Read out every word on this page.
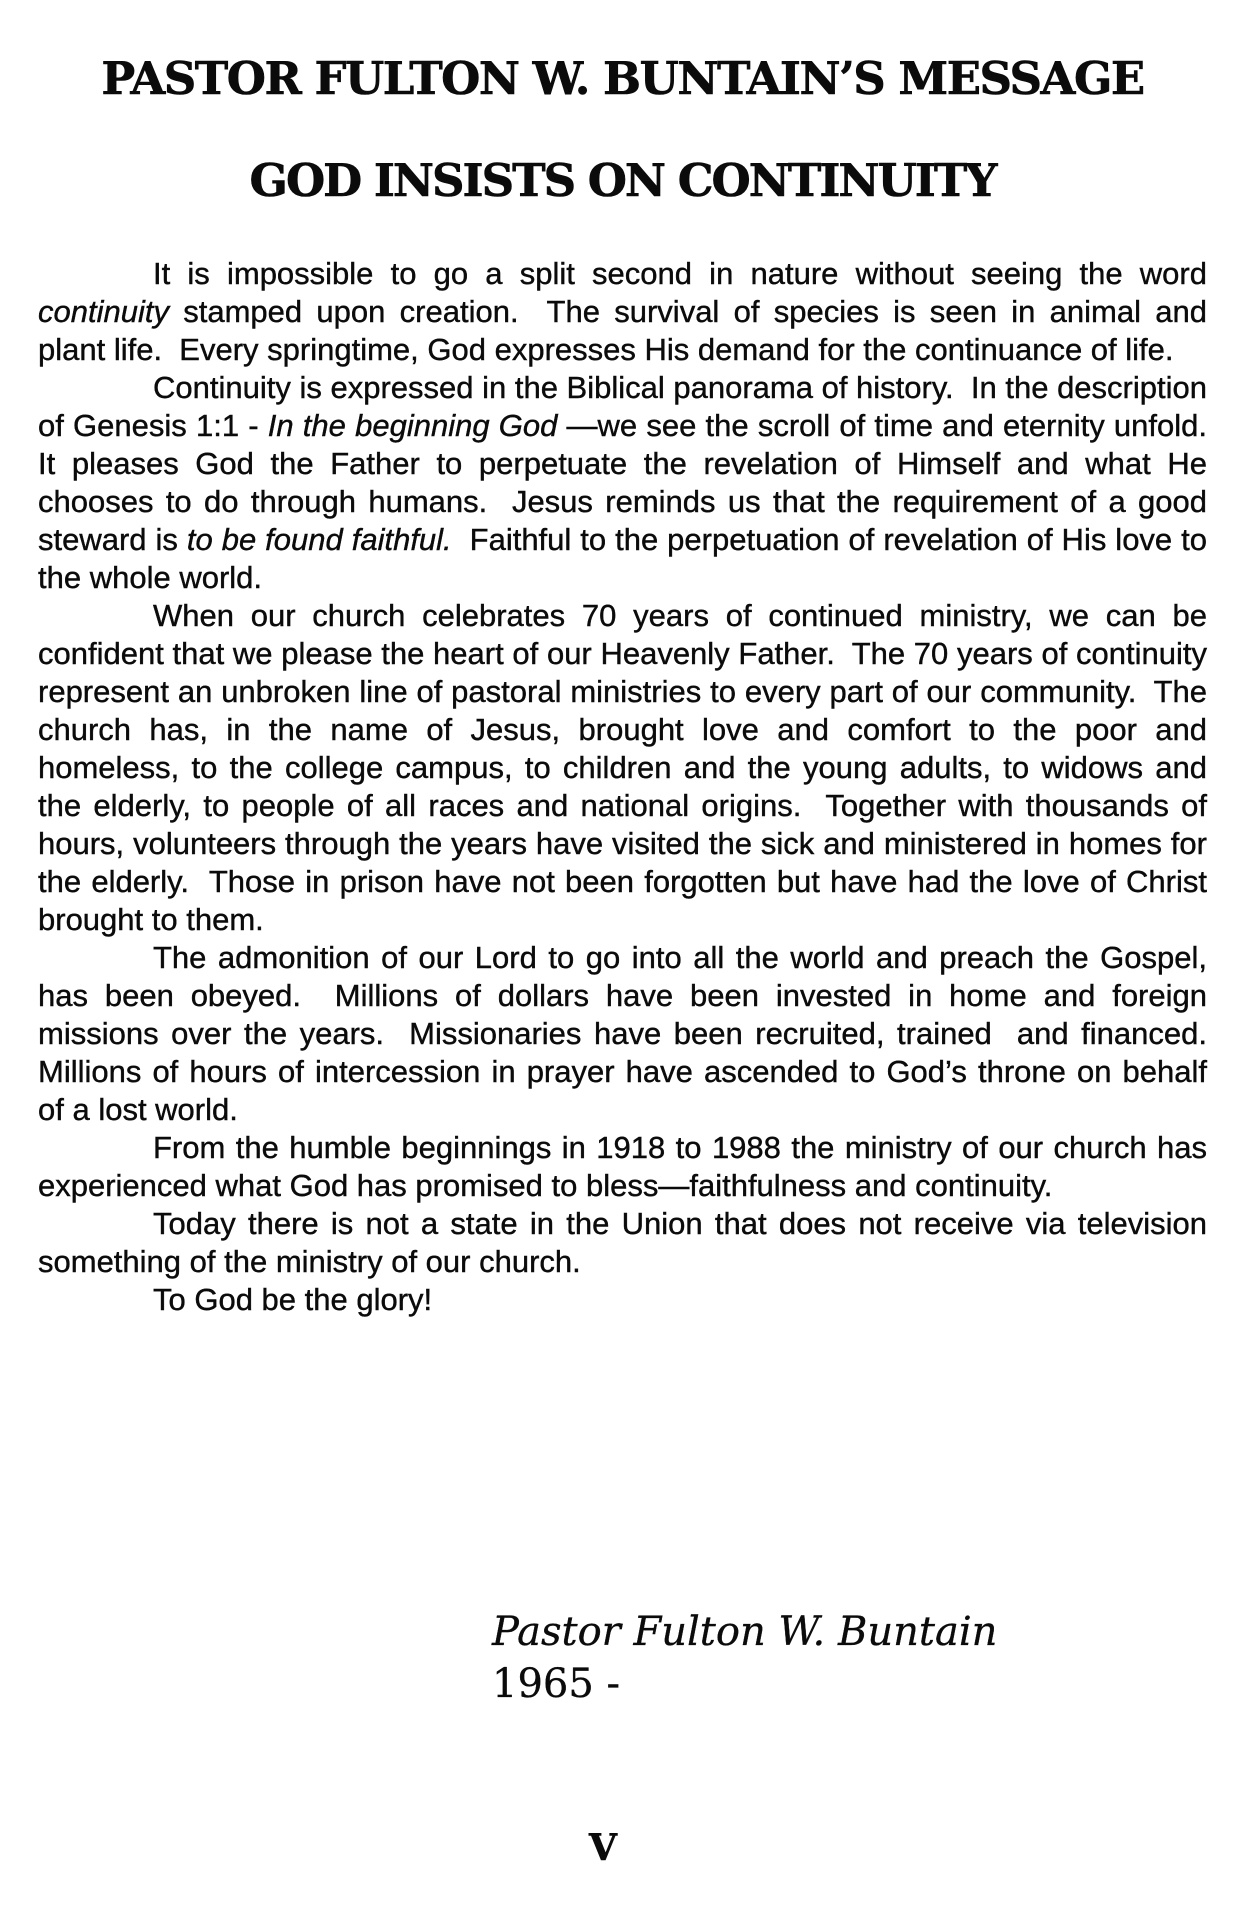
PASTOR FULTON W. BUNTAIN’S MESSAGE
GOD INSISTS ON CONTINUITY

It is impossible to go a split second in nature without seeing the word continuity stamped upon creation.  The survival of species is seen in animal and plant life.  Every springtime, God expresses His demand for the continuance of life.

Continuity is expressed in the Biblical panorama of history.  In the description of Genesis 1:1 - In the beginning God —we see the scroll of time and eternity unfold.  It pleases God the Father to perpetuate the revelation of Himself and what He chooses to do through humans.  Jesus reminds us that the requirement of a good steward is to be found faithful.  Faithful to the perpetuation of revelation of His love to the whole world.

When our church celebrates 70 years of continued ministry, we can be confident that we please the heart of our Heavenly Father.  The 70 years of continuity represent an unbroken line of pastoral ministries to every part of our community.  The church has, in the name of Jesus, brought love and comfort to the poor and homeless, to the college campus, to children and the young adults, to widows and the elderly, to people of all races and national origins.  Together with thousands of hours, volunteers through the years have visited the sick and ministered in homes for the elderly.  Those in prison have not been forgotten but have had the love of Christ brought to them.

The admonition of our Lord to go into all the world and preach the Gospel, has been obeyed.  Millions of dollars have been invested in home and foreign missions over the years.  Missionaries have been recruited, trained  and financed.  Millions of hours of intercession in prayer have ascended to God’s throne on behalf of a lost world.

From the humble beginnings in 1918 to 1988 the ministry of our church has experienced what God has promised to bless—faithfulness and continuity.

Today there is not a state in the Union that does not receive via television something of the ministry of our church.

To God be the glory!

Pastor Fulton W. Buntain
1965 -
V
